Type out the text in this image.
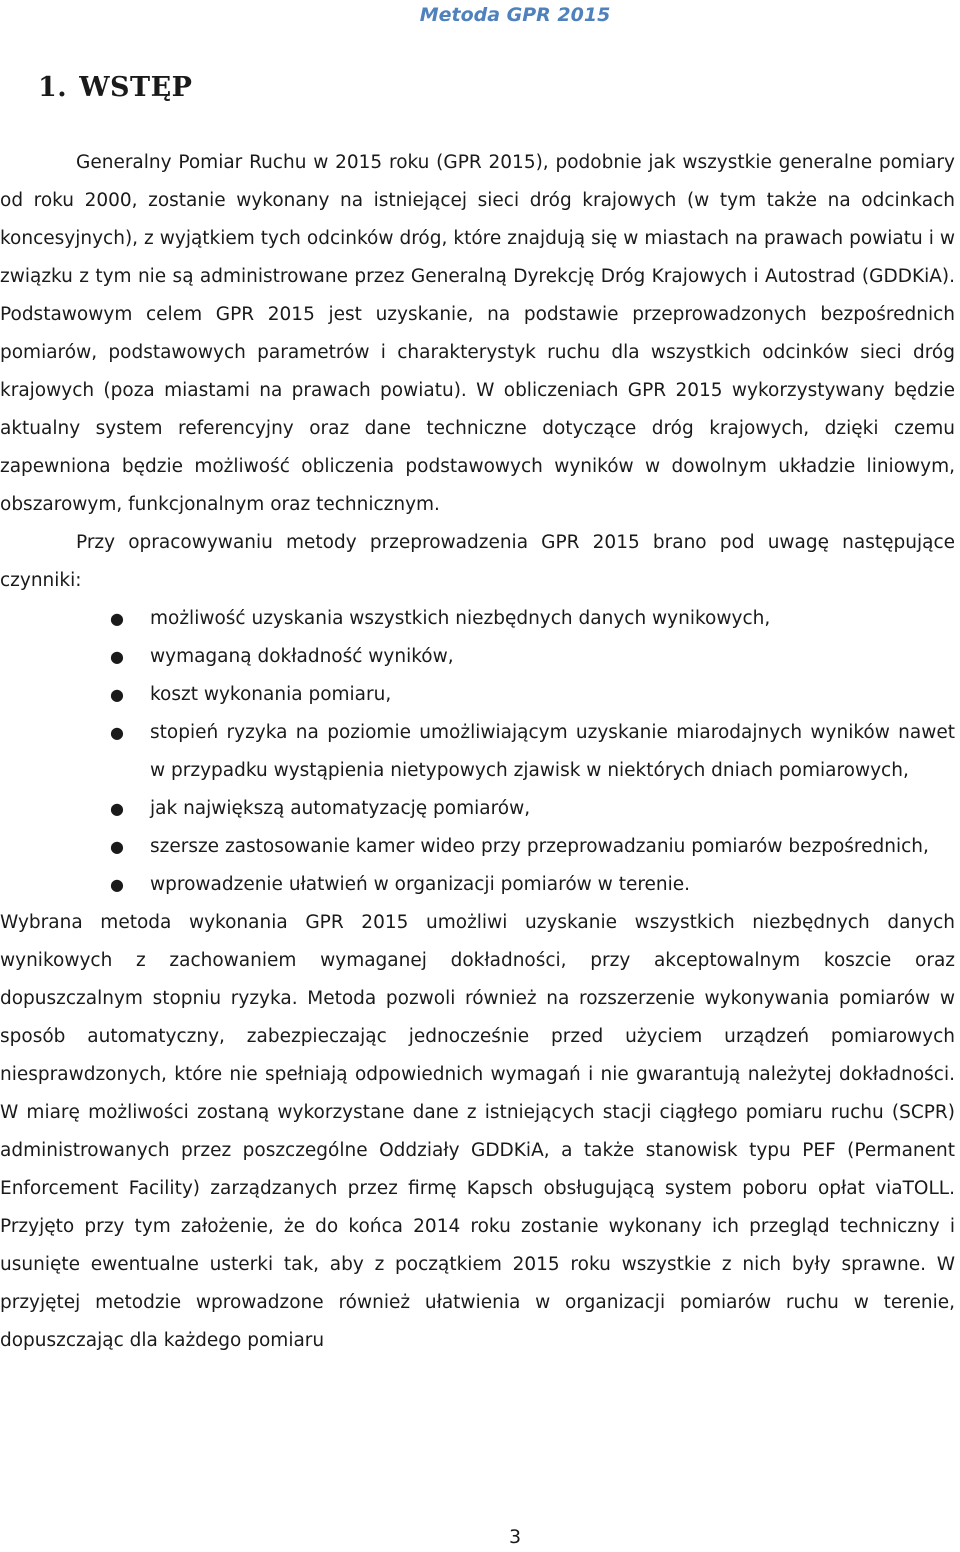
Metoda GPR 2015
1. WSTĘP

Generalny Pomiar Ruchu w 2015 roku (GPR 2015), podobnie jak wszystkie generalne pomiary od roku 2000, zostanie wykonany na istniejącej sieci dróg krajowych (w tym także na odcinkach koncesyjnych), z wyjątkiem tych odcinków dróg, które znajdują się w miastach na prawach powiatu i w związku z tym nie są administrowane przez Generalną Dyrekcję Dróg Krajowych i Autostrad (GDDKiA). Podstawowym celem GPR 2015 jest uzyskanie, na podstawie przeprowadzonych bezpośrednich pomiarów, podstawowych parametrów i charakterystyk ruchu dla wszystkich odcinków sieci dróg krajowych (poza miastami na prawach powiatu). W obliczeniach GPR 2015 wykorzystywany będzie aktualny system referencyjny oraz dane techniczne dotyczące dróg krajowych, dzięki czemu zapewniona będzie możliwość obliczenia podstawowych wyników w dowolnym układzie liniowym, obszarowym, funkcjonalnym oraz technicznym.

Przy opracowywaniu metody przeprowadzenia GPR 2015 brano pod uwagę następujące czynniki:

● możliwość uzyskania wszystkich niezbędnych danych wynikowych,
● wymaganą dokładność wyników,
● koszt wykonania pomiaru,
● stopień ryzyka na poziomie umożliwiającym uzyskanie miarodajnych wyników nawet w przypadku wystąpienia nietypowych zjawisk w niektórych dniach pomiarowych,
● jak największą automatyzację pomiarów,
● szersze zastosowanie kamer wideo przy przeprowadzaniu pomiarów bezpośrednich,
● wprowadzenie ułatwień w organizacji pomiarów w terenie.

Wybrana metoda wykonania GPR 2015 umożliwi uzyskanie wszystkich niezbędnych danych wynikowych z zachowaniem wymaganej dokładności, przy akceptowalnym koszcie oraz dopuszczalnym stopniu ryzyka. Metoda pozwoli również na rozszerzenie wykonywania pomiarów w sposób automatyczny, zabezpieczając jednocześnie przed użyciem urządzeń pomiarowych niesprawdzonych, które nie spełniają odpowiednich wymagań i nie gwarantują należytej dokładności. W miarę możliwości zostaną wykorzystane dane z istniejących stacji ciągłego pomiaru ruchu (SCPR) administrowanych przez poszczególne Oddziały GDDKiA, a także stanowisk typu PEF (Permanent Enforcement Facility) zarządzanych przez firmę Kapsch obsługującą system poboru opłat viaTOLL. Przyjęto przy tym założenie, że do końca 2014 roku zostanie wykonany ich przegląd techniczny i usunięte ewentualne usterki tak, aby z początkiem 2015 roku wszystkie z nich były sprawne. W przyjętej metodzie wprowadzone również ułatwienia w organizacji pomiarów ruchu w terenie, dopuszczając dla każdego pomiaru

3
